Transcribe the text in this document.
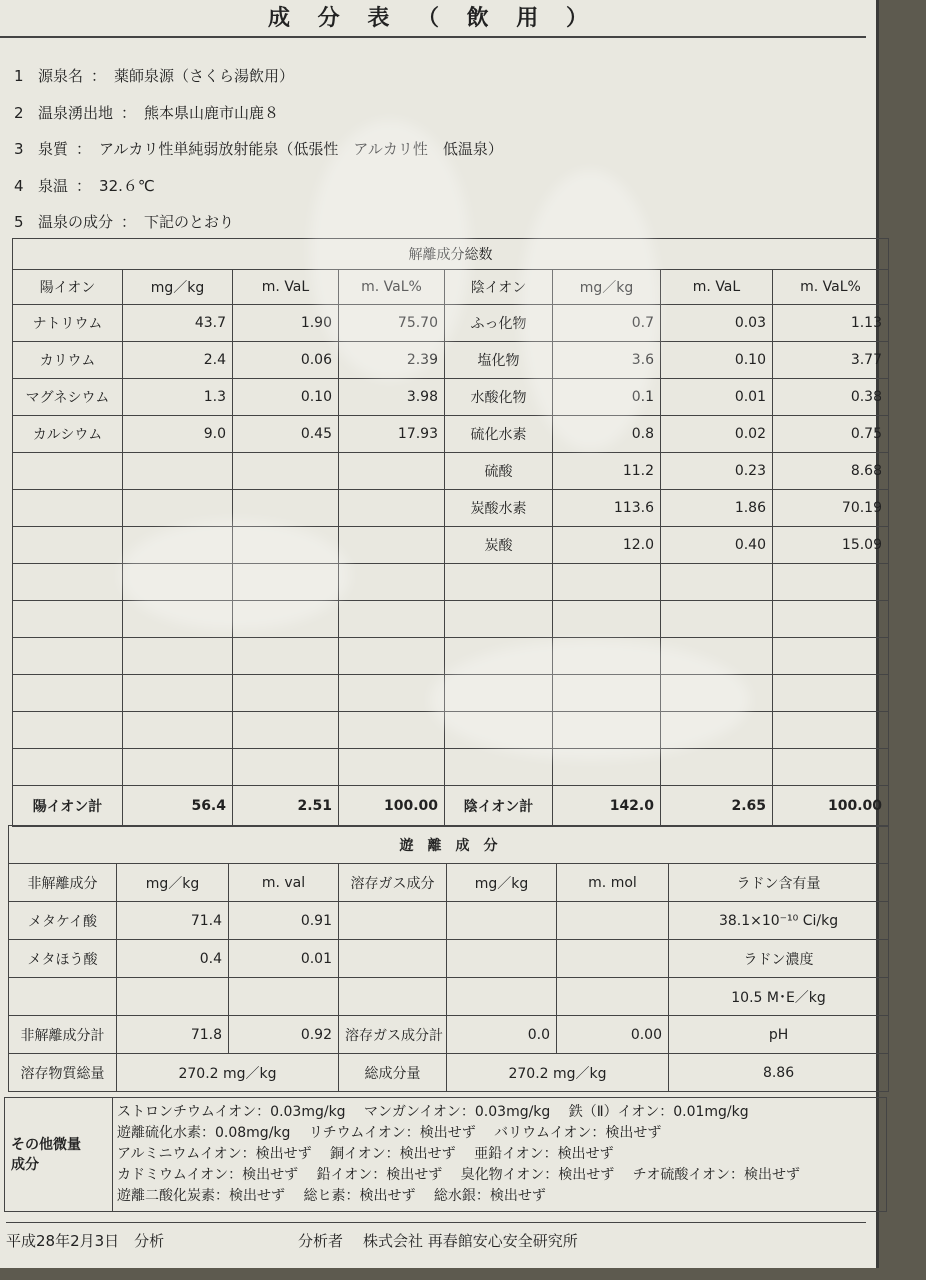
成 分 表 （ 飲 用 ）
1 源泉名 ： 薬師泉源（さくら湯飲用）
2 温泉湧出地 ： 熊本県山鹿市山鹿８
3 泉質 ： アルカリ性単純弱放射能泉（低張性　アルカリ性　低温泉）
4 泉温 ： 32.６℃
5 温泉の成分 ： 下記のとおり
解離成分総数							
陽イオン	mg／kg	m. VaL	m. VaL%	陰イオン	mg／kg	m. VaL	m. VaL%
ナトリウム	43.7	1.90	75.70	ふっ化物	0.7	0.03	1.13
カリウム	2.4	0.06	2.39	塩化物	3.6	0.10	3.77
マグネシウム	1.3	0.10	3.98	水酸化物	0.1	0.01	0.38
カルシウム	9.0	0.45	17.93	硫化水素	0.8	0.02	0.75
				硫酸	11.2	0.23	8.68
				炭酸水素	113.6	1.86	70.19
				炭酸	12.0	0.40	15.09

陽イオン計	56.4	2.51	100.00	陰イオン計	142.0	2.65	100.00
遊　離　成　分						
非解離成分	mg／kg	m. val	溶存ガス成分	mg／kg	m. mol	ラドン含有量
メタケイ酸	71.4	0.91				38.1×10⁻¹⁰ Ci/kg
メタほう酸	0.4	0.01				ラドン濃度
						10.5 M･E／kg
非解離成分計	71.8	0.92	溶存ガス成分計	0.0	0.00	pH
溶存物質総量	270.2 mg／kg		総成分量	270.2 mg／kg		8.86
その他微量
成分

ストロンチウムイオン：0.03mg/kg　 マンガンイオン：0.03mg/kg　 鉄（Ⅱ）イオン：0.01mg/kg
遊離硫化水素：0.08mg/kg　 リチウムイオン：検出せず　 バリウムイオン：検出せず
アルミニウムイオン：検出せず　 銅イオン：検出せず　 亜鉛イオン：検出せず
カドミウムイオン：検出せず　 鉛イオン：検出せず　 臭化物イオン：検出せず　 チオ硫酸イオン：検出せず
遊離二酸化炭素：検出せず　 総ヒ素：検出せず　 総水銀：検出せず
平成28年2月3日　分析	分析者 株式会社 再春館安心安全研究所
